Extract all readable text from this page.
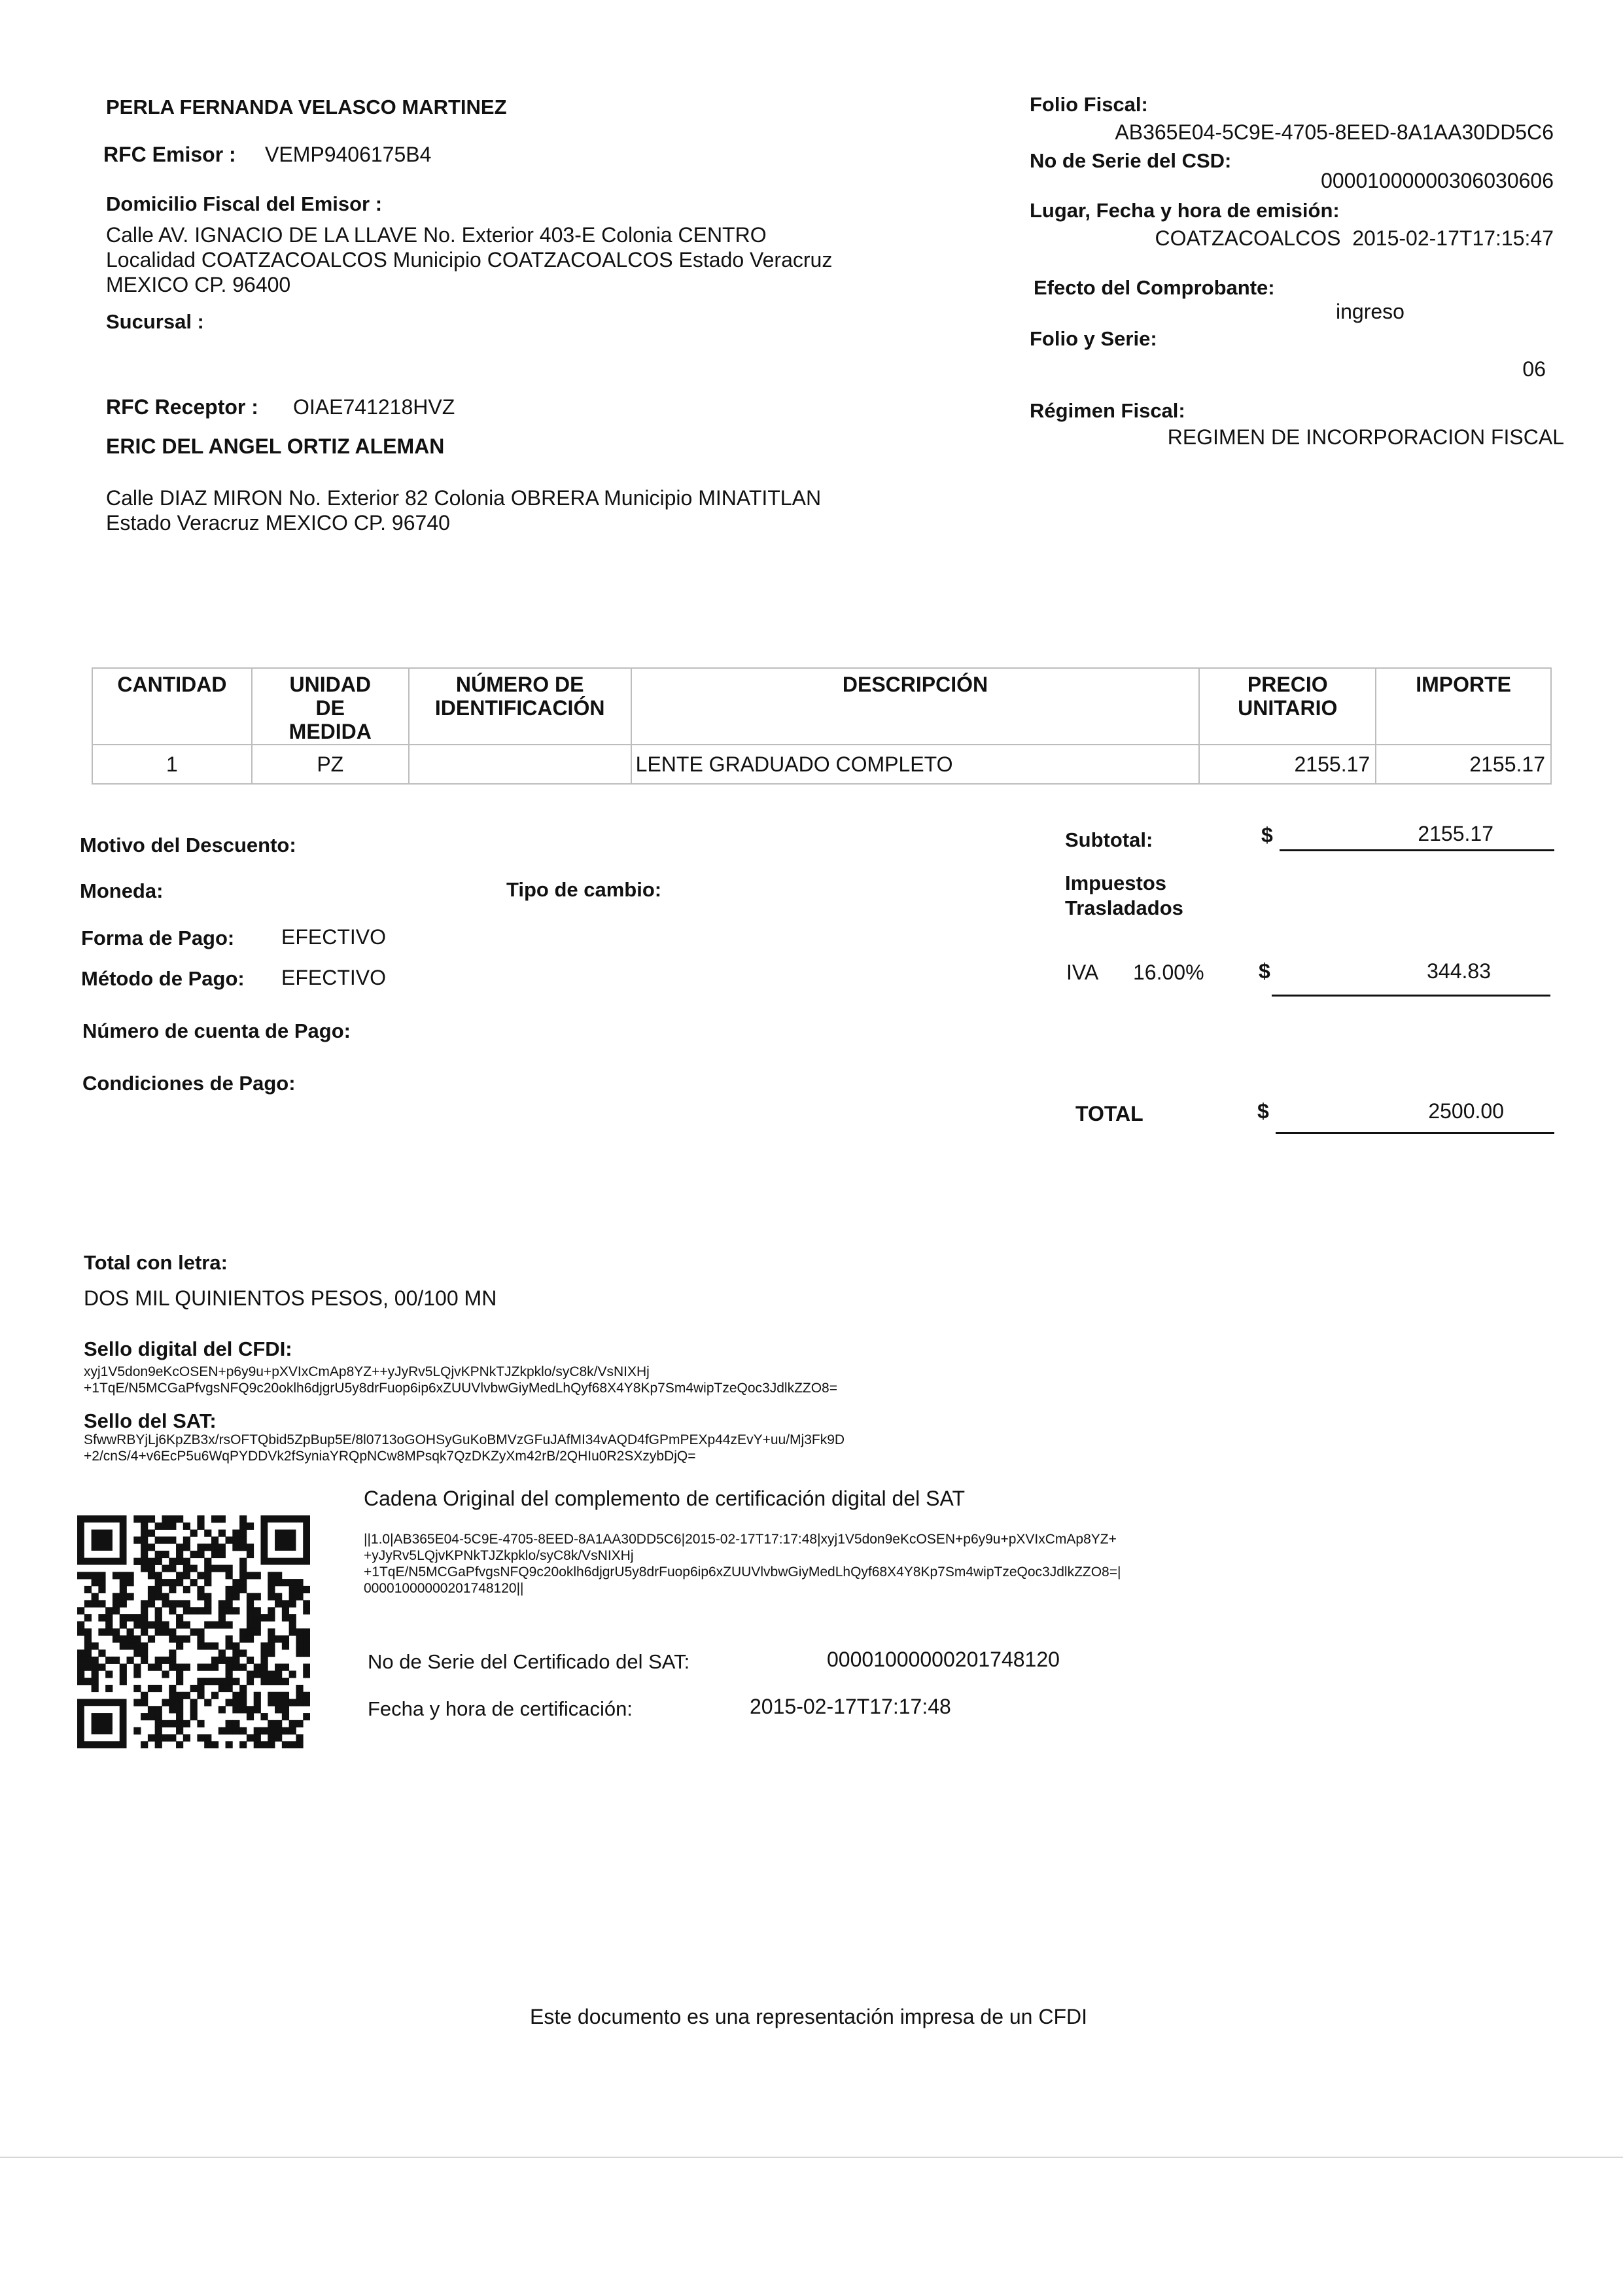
PERLA FERNANDA VELASCO MARTINEZ
RFC Emisor : VEMP9406175B4
Domicilio Fiscal del Emisor :
Calle AV. IGNACIO DE LA LLAVE No. Exterior 403-E Colonia CENTRO
Localidad COATZACOALCOS Municipio COATZACOALCOS Estado Veracruz
MEXICO CP. 96400
Sucursal :
RFC Receptor : OIAE741218HVZ
ERIC DEL ANGEL ORTIZ ALEMAN
Calle DIAZ MIRON No. Exterior 82 Colonia OBRERA Municipio MINATITLAN
Estado Veracruz MEXICO CP. 96740
Folio Fiscal:
AB365E04-5C9E-4705-8EED-8A1AA30DD5C6
No de Serie del CSD:
00001000000306030606
Lugar, Fecha y hora de emisión:
COATZACOALCOS  2015-02-17T17:15:47
Efecto del Comprobante:
ingreso
Folio y Serie:
06
Régimen Fiscal:
REGIMEN DE INCORPORACION FISCAL
CANTIDAD	UNIDAD DE MEDIDA	NÚMERO DE IDENTIFICACIÓN	DESCRIPCIÓN	PRECIO UNITARIO	IMPORTE
1	PZ		LENTE GRADUADO COMPLETO	2155.17	2155.17
Motivo del Descuento:
Moneda:	Tipo de cambio:
Forma de Pago: EFECTIVO
Método de Pago: EFECTIVO
Número de cuenta de Pago:
Condiciones de Pago:
Subtotal:	$	2155.17
Impuestos
Trasladados
IVA 16.00%	$	344.83
TOTAL	$	2500.00
Total con letra:
DOS MIL QUINIENTOS PESOS, 00/100 MN
Sello digital del CFDI:
xyj1V5don9eKcOSEN+p6y9u+pXVIxCmAp8YZ++yJyRv5LQjvKPNkTJZkpklo/syC8k/VsNIXHj
+1TqE/N5MCGaPfvgsNFQ9c20oklh6djgrU5y8drFuop6ip6xZUUVlvbwGiyMedLhQyf68X4Y8Kp7Sm4wipTzeQoc3JdlkZZO8=
Sello del SAT:
SfwwRBYjLj6KpZB3x/rsOFTQbid5ZpBup5E/8l0713oGOHSyGuKoBMVzGFuJAfMI34vAQD4fGPmPEXp44zEvY+uu/Mj3Fk9D
+2/cnS/4+v6EcP5u6WqPYDDVk2fSyniaYRQpNCw8MPsqk7QzDKZyXm42rB/2QHIu0R2SXzybDjQ=
Cadena Original del complemento de certificación digital del SAT
||1.0|AB365E04-5C9E-4705-8EED-8A1AA30DD5C6|2015-02-17T17:17:48|xyj1V5don9eKcOSEN+p6y9u+pXVIxCmAp8YZ+
+yJyRv5LQjvKPNkTJZkpklo/syC8k/VsNIXHj
+1TqE/N5MCGaPfvgsNFQ9c20oklh6djgrU5y8drFuop6ip6xZUUVlvbwGiyMedLhQyf68X4Y8Kp7Sm4wipTzeQoc3JdlkZZO8=|
00001000000201748120||
No de Serie del Certificado del SAT:	00001000000201748120
Fecha y hora de certificación:	2015-02-17T17:17:48
Este documento es una representación impresa de un CFDI
